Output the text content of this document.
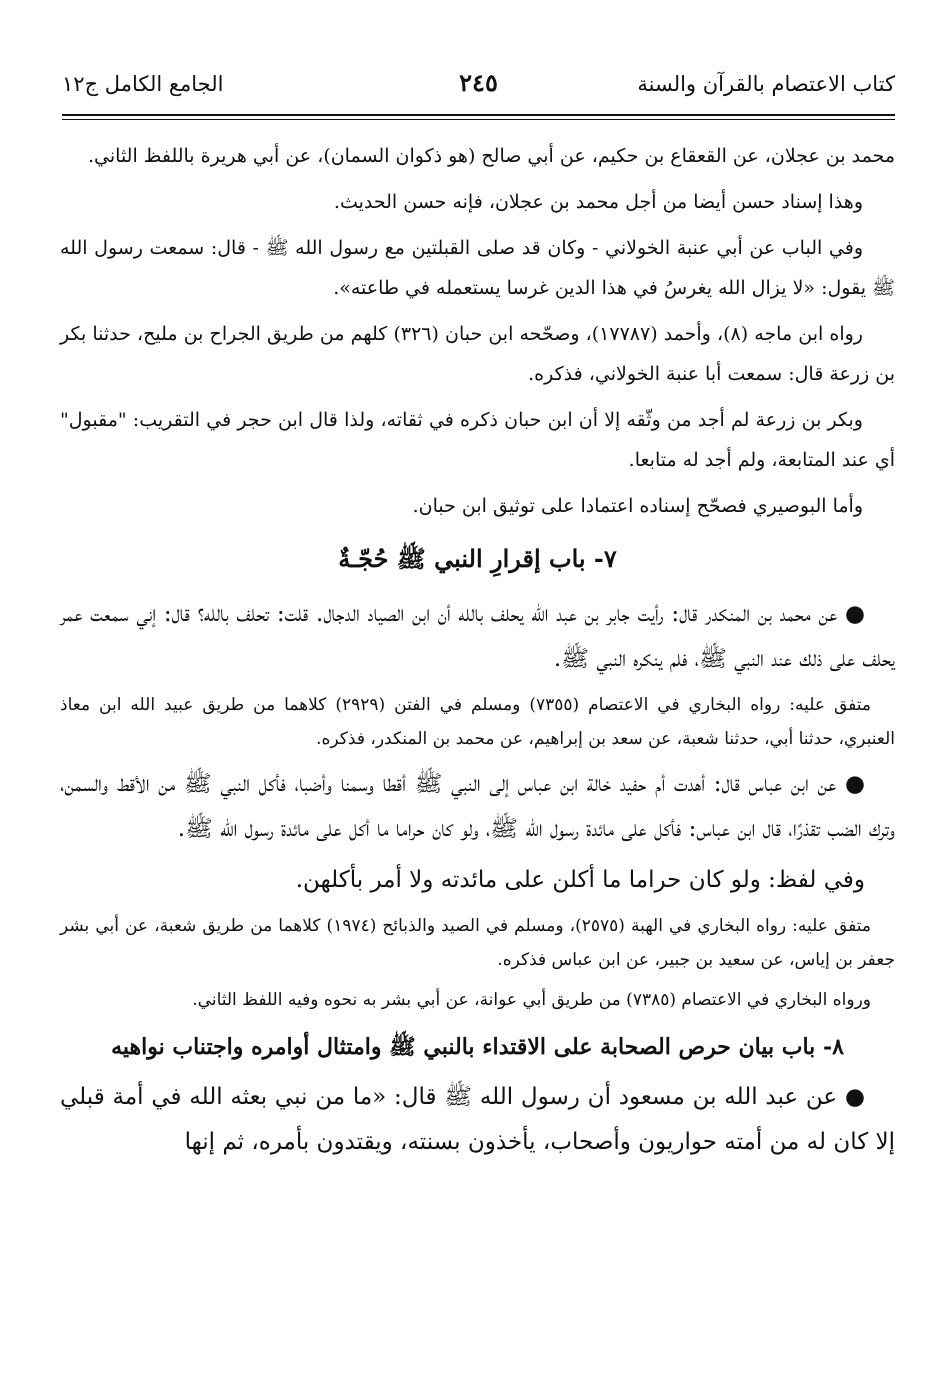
كتاب الاعتصام بالقرآن والسنة
٢٤٥
الجامع الكامل ج١٢

محمد بن عجلان، عن القعقاع بن حكيم، عن أبي صالح (هو ذكوان السمان)، عن أبي هريرة باللفظ الثاني.

وهذا إسناد حسن أيضا من أجل محمد بن عجلان، فإنه حسن الحديث.

وفي الباب عن أبي عنبة الخولاني - وكان قد صلى القبلتين مع رسول الله ﷺ - قال: سمعت رسول الله ﷺ يقول: «لا يزال الله يغرسُ في هذا الدين غرسا يستعمله في طاعته».

رواه ابن ماجه (٨)، وأحمد (١٧٧٨٧)، وصحّحه ابن حبان (٣٢٦) كلهم من طريق الجراح بن مليح، حدثنا بكر بن زرعة قال: سمعت أبا عنبة الخولاني، فذكره.

وبكر بن زرعة لم أجد من وثّقه إلا أن ابن حبان ذكره في ثقاته، ولذا قال ابن حجر في التقريب: "مقبول" أي عند المتابعة، ولم أجد له متابعا.

وأما البوصيري فصحّح إسناده اعتمادا على توثيق ابن حبان.

٧- باب إقرارِ النبي ﷺ حُجّـةٌ

● عن محمد بن المنكدر قال: رأيت جابر بن عبد الله يحلف بالله أن ابن الصياد الدجال. قلت: تحلف بالله؟ قال: إني سمعت عمر يحلف على ذلك عند النبي ﷺ، فلم ينكره النبي ﷺ.

متفق عليه: رواه البخاري في الاعتصام (٧٣٥٥) ومسلم في الفتن (٢٩٢٩) كلاهما من طريق عبيد الله ابن معاذ العنبري، حدثنا أبي، حدثنا شعبة، عن سعد بن إبراهيم، عن محمد بن المنكدر، فذكره.

● عن ابن عباس قال: أهدت أم حفيد خالة ابن عباس إلى النبي ﷺ أقطا وسمنا وأضبا، فأكل النبي ﷺ من الأقط والسمن، وترك الضب تقذرًا، قال ابن عباس: فأكل على مائدة رسول الله ﷺ، ولو كان حراما ما أكل على مائدة رسول الله ﷺ.

وفي لفظ: ولو كان حراما ما أكلن على مائدته ولا أمر بأكلهن.

متفق عليه: رواه البخاري في الهبة (٢٥٧٥)، ومسلم في الصيد والذبائح (١٩٧٤) كلاهما من طريق شعبة، عن أبي بشر جعفر بن إياس، عن سعيد بن جبير، عن ابن عباس فذكره.

ورواه البخاري في الاعتصام (٧٣٨٥) من طريق أبي عوانة، عن أبي بشر به نحوه وفيه اللفظ الثاني.

٨- باب بيان حرص الصحابة على الاقتداء بالنبي ﷺ وامتثال أوامره واجتناب نواهيه

● عن عبد الله بن مسعود أن رسول الله ﷺ قال: «ما من نبي بعثه الله في أمة قبلي إلا كان له من أمته حواريون وأصحاب، يأخذون بسنته، ويقتدون بأمره، ثم إنها
